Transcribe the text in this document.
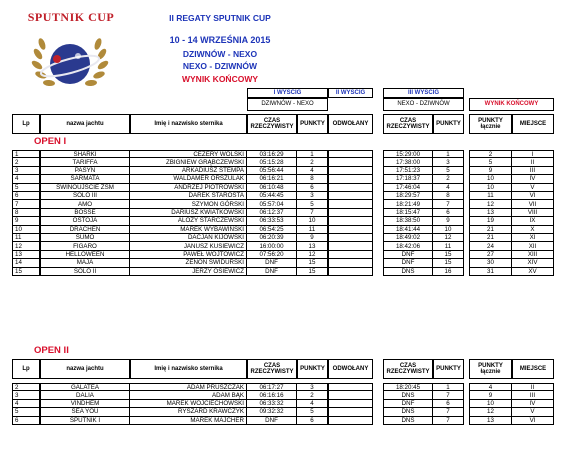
SPUTNIK CUP	II REGATY SPUTNIK CUP
10 - 14 WRZEŚNIA 2015
DZIWNÓW - NEXO
NEXO - DZIWNÓW
WYNIK KOŃCOWY
I WYŚCIG	II WYŚCIG	III WYŚCIG
DZIWNÓW - NEXO	NEXO - DZIWNÓW	WYNIK KOŃCOWY
Lp	nazwa jachtu	Imię i nazwisko sternika
CZAS RZECZYWISTY
PUNKTY	ODWOŁANY
CZAS RZECZYWISTY
PUNKTY
PUNKTY łącznie
MIEJSCE
OPEN I
1	SHARKI	CEZERY WOLSKI	03:16:29	1	15:29:00	1	2	I
2	TARIFFA	ZBIGNIEW GRĄBCZEWSKI	05:15:28	2	17:38:00	3	5	II
3	PASYN	ARKADIUSZ STEMPA	05:56:44	4	17:51:23	5	9	III
4	SARMATA	WALDAMER ORSZULAK	06:16:21	8	17:18:37	2	10	IV
5	ŚWINOUJŚCIE ZSM	ANDRZEJ PIOTROWSKI	06:10:48	6	17:46:04	4	10	V
6	SOLO III	DAREK STAROSTA	05:44:45	3	18:29:57	8	11	VI
7	AMO	SZYMON GÓRSKI	05:57:04	5	18:21:49	7	12	VII
8	BOSSE	DARIUSZ KWIATKOWSKI	06:12:37	7	18:15:47	6	13	VIII
9	OSTOJA	ALOZY STARCZEWSKI	06:33:53	10	18:38:50	9	19	IX
10	DRACHEN	MAREK WYBAWIŃSKI	06:54:25	11	18:41:44	10	21	X
11	SUMO	DACJAN KIJOWSKI	06:20:39	9	18:49:02	12	21	XI
12	FIGARO	JANUSZ KUSIEWICZ	16:00:00	13	18:42:06	11	24	XII
13	HELLOWEEN	PAWEŁ WOJTOWICZ	07:56:20	12	DNF	15	27	XIII
14	MAJA	ZENON ŚWIDURSKI	DNF	15	DNF	15	30	XIV
15	SOLO II	JERZY OSIEWICZ	DNF	15	DNS	16	31	XV
OPEN II
Lp	nazwa jachtu	Imię i nazwisko sternika
CZAS RZECZYWISTY
PUNKTY	ODWOŁANY
CZAS RZECZYWISTY
PUNKTY
PUNKTY łącznie
MIEJSCE
2	GALATEA	ADAM PRUSZCZAK	06:17:27	3	18:20:45	1	4	II
3	DALIA	ADAM BĄK	06:16:16	2	DNS	7	9	III
4	VINDHEM	MAREK WOJCIECHOWSKI	06:33:32	4	DNF	6	10	IV
5	SEA YOU	RYSZARD KRAWCZYK	09:32:32	5	DNS	7	12	V
6	SPUTNIK I	MAREK MAJCHER	DNF	6	DNS	7	13	VI
